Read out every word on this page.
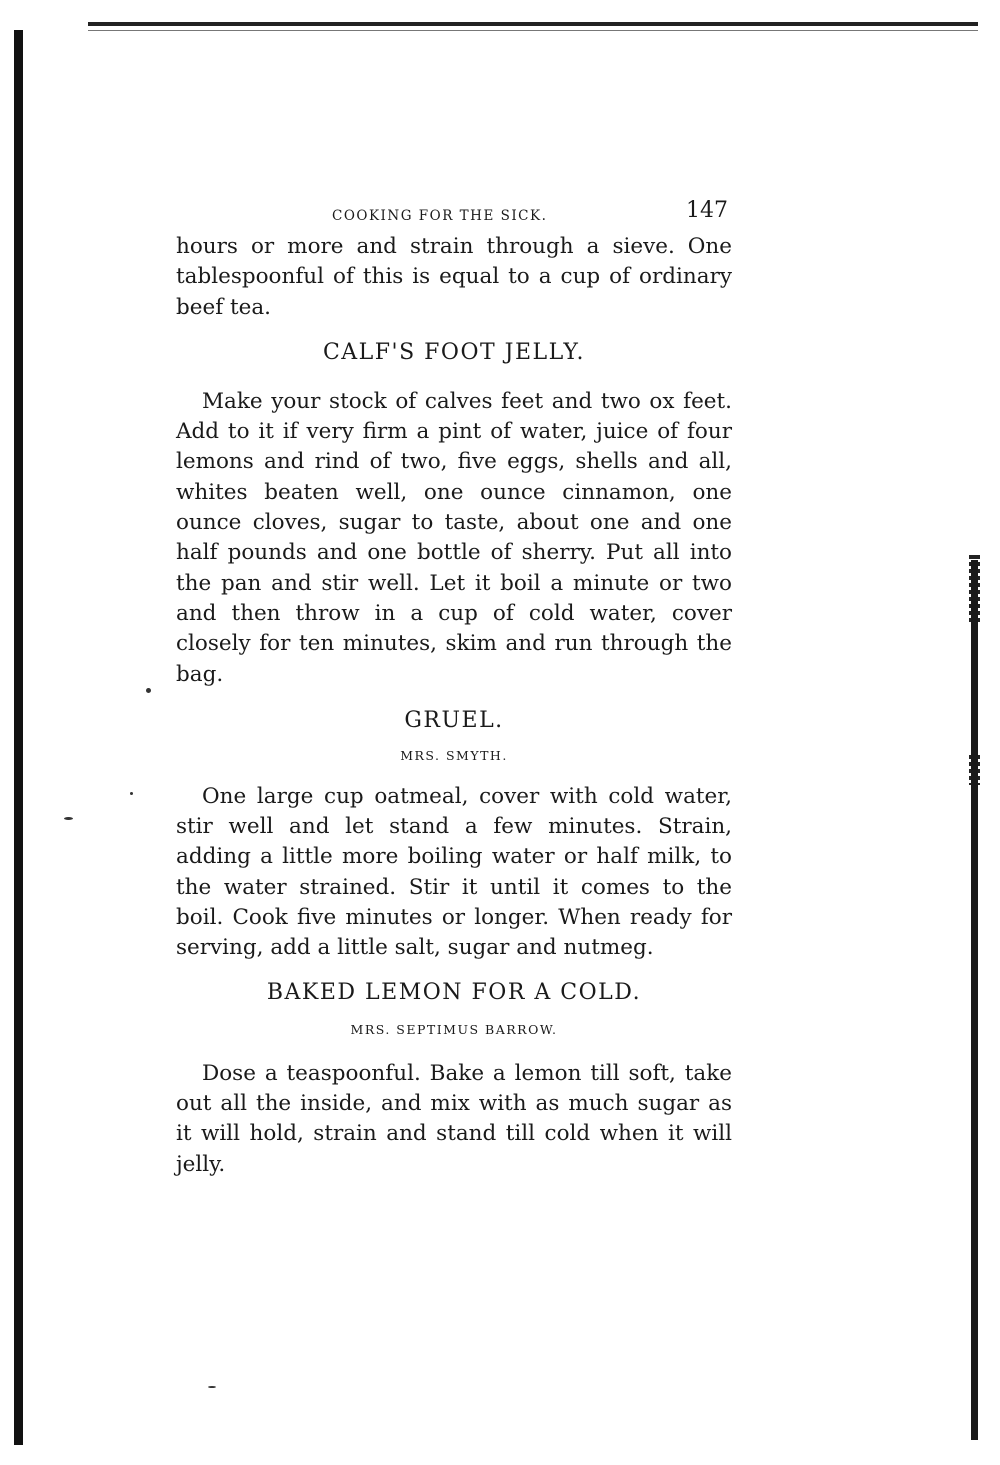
COOKING FOR THE SICK.	147

hours or more and strain through a sieve. One tablespoonful of this is equal to a cup of ordinary beef tea.

CALF'S FOOT JELLY.

Make your stock of calves feet and two ox feet. Add to it if very firm a pint of water, juice of four lemons and rind of two, five eggs, shells and all, whites beaten well, one ounce cinnamon, one ounce cloves, sugar to taste, about one and one half pounds and one bottle of sherry. Put all into the pan and stir well. Let it boil a minute or two and then throw in a cup of cold water, cover closely for ten minutes, skim and run through the bag.

GRUEL.
MRS. SMYTH.

One large cup oatmeal, cover with cold water, stir well and let stand a few minutes. Strain, adding a little more boiling water or half milk, to the water strained. Stir it until it comes to the boil. Cook five minutes or longer. When ready for serving, add a little salt, sugar and nutmeg.

BAKED LEMON FOR A COLD.
MRS. SEPTIMUS BARROW.

Dose a teaspoonful. Bake a lemon till soft, take out all the inside, and mix with as much sugar as it will hold, strain and stand till cold when it will jelly.
